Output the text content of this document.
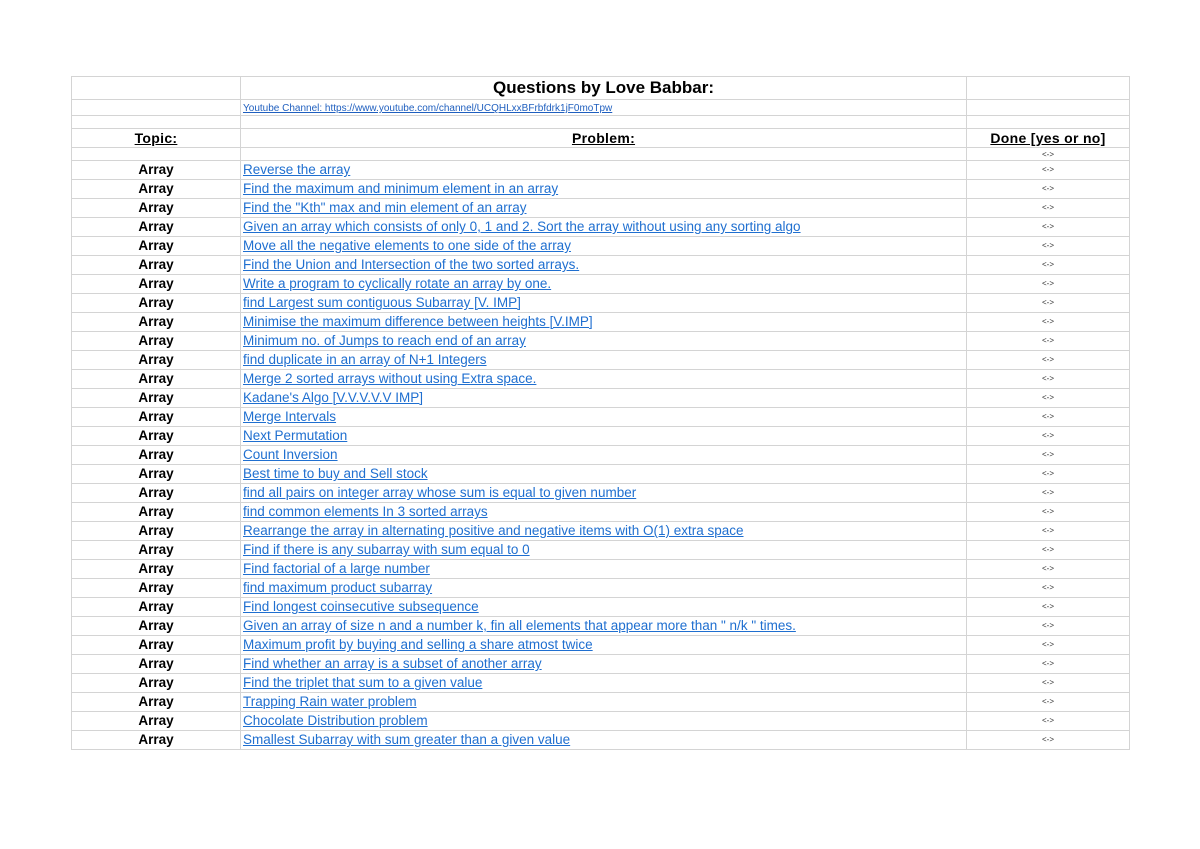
	Questions by Love Babbar:	
	Youtube Channel: https://www.youtube.com/channel/UCQHLxxBFrbfdrk1jF0moTpw	

Topic:	Problem:	Done [yes or no]
		<->
Array	Reverse the array	<->
Array	Find the maximum and minimum element in an array	<->
Array	Find the "Kth" max and min element of an array	<->
Array	Given an array which consists of only 0, 1 and 2. Sort the array without using any sorting algo	<->
Array	Move all the negative elements to one side of the array	<->
Array	Find the Union and Intersection of the two sorted arrays.	<->
Array	Write a program to cyclically rotate an array by one.	<->
Array	find Largest sum contiguous Subarray [V. IMP]	<->
Array	Minimise the maximum difference between heights [V.IMP]	<->
Array	Minimum no. of Jumps to reach end of an array	<->
Array	find duplicate in an array of N+1 Integers	<->
Array	Merge 2 sorted arrays without using Extra space.	<->
Array	Kadane's Algo [V.V.V.V.V IMP]	<->
Array	Merge Intervals	<->
Array	Next Permutation	<->
Array	Count Inversion	<->
Array	Best time to buy and Sell stock	<->
Array	find all pairs on integer array whose sum is equal to given number	<->
Array	find common elements In 3 sorted arrays	<->
Array	Rearrange the array in alternating positive and negative items with O(1) extra space	<->
Array	Find if there is any subarray with sum equal to 0	<->
Array	Find factorial of a large number	<->
Array	find maximum product subarray	<->
Array	Find longest coinsecutive subsequence	<->
Array	Given an array of size n and a number k, fin all elements that appear more than " n/k " times.	<->
Array	Maximum profit by buying and selling a share atmost twice	<->
Array	Find whether an array is a subset of another array	<->
Array	Find the triplet that sum to a given value	<->
Array	Trapping Rain water problem	<->
Array	Chocolate Distribution problem	<->
Array	Smallest Subarray with sum greater than a given value	<->
